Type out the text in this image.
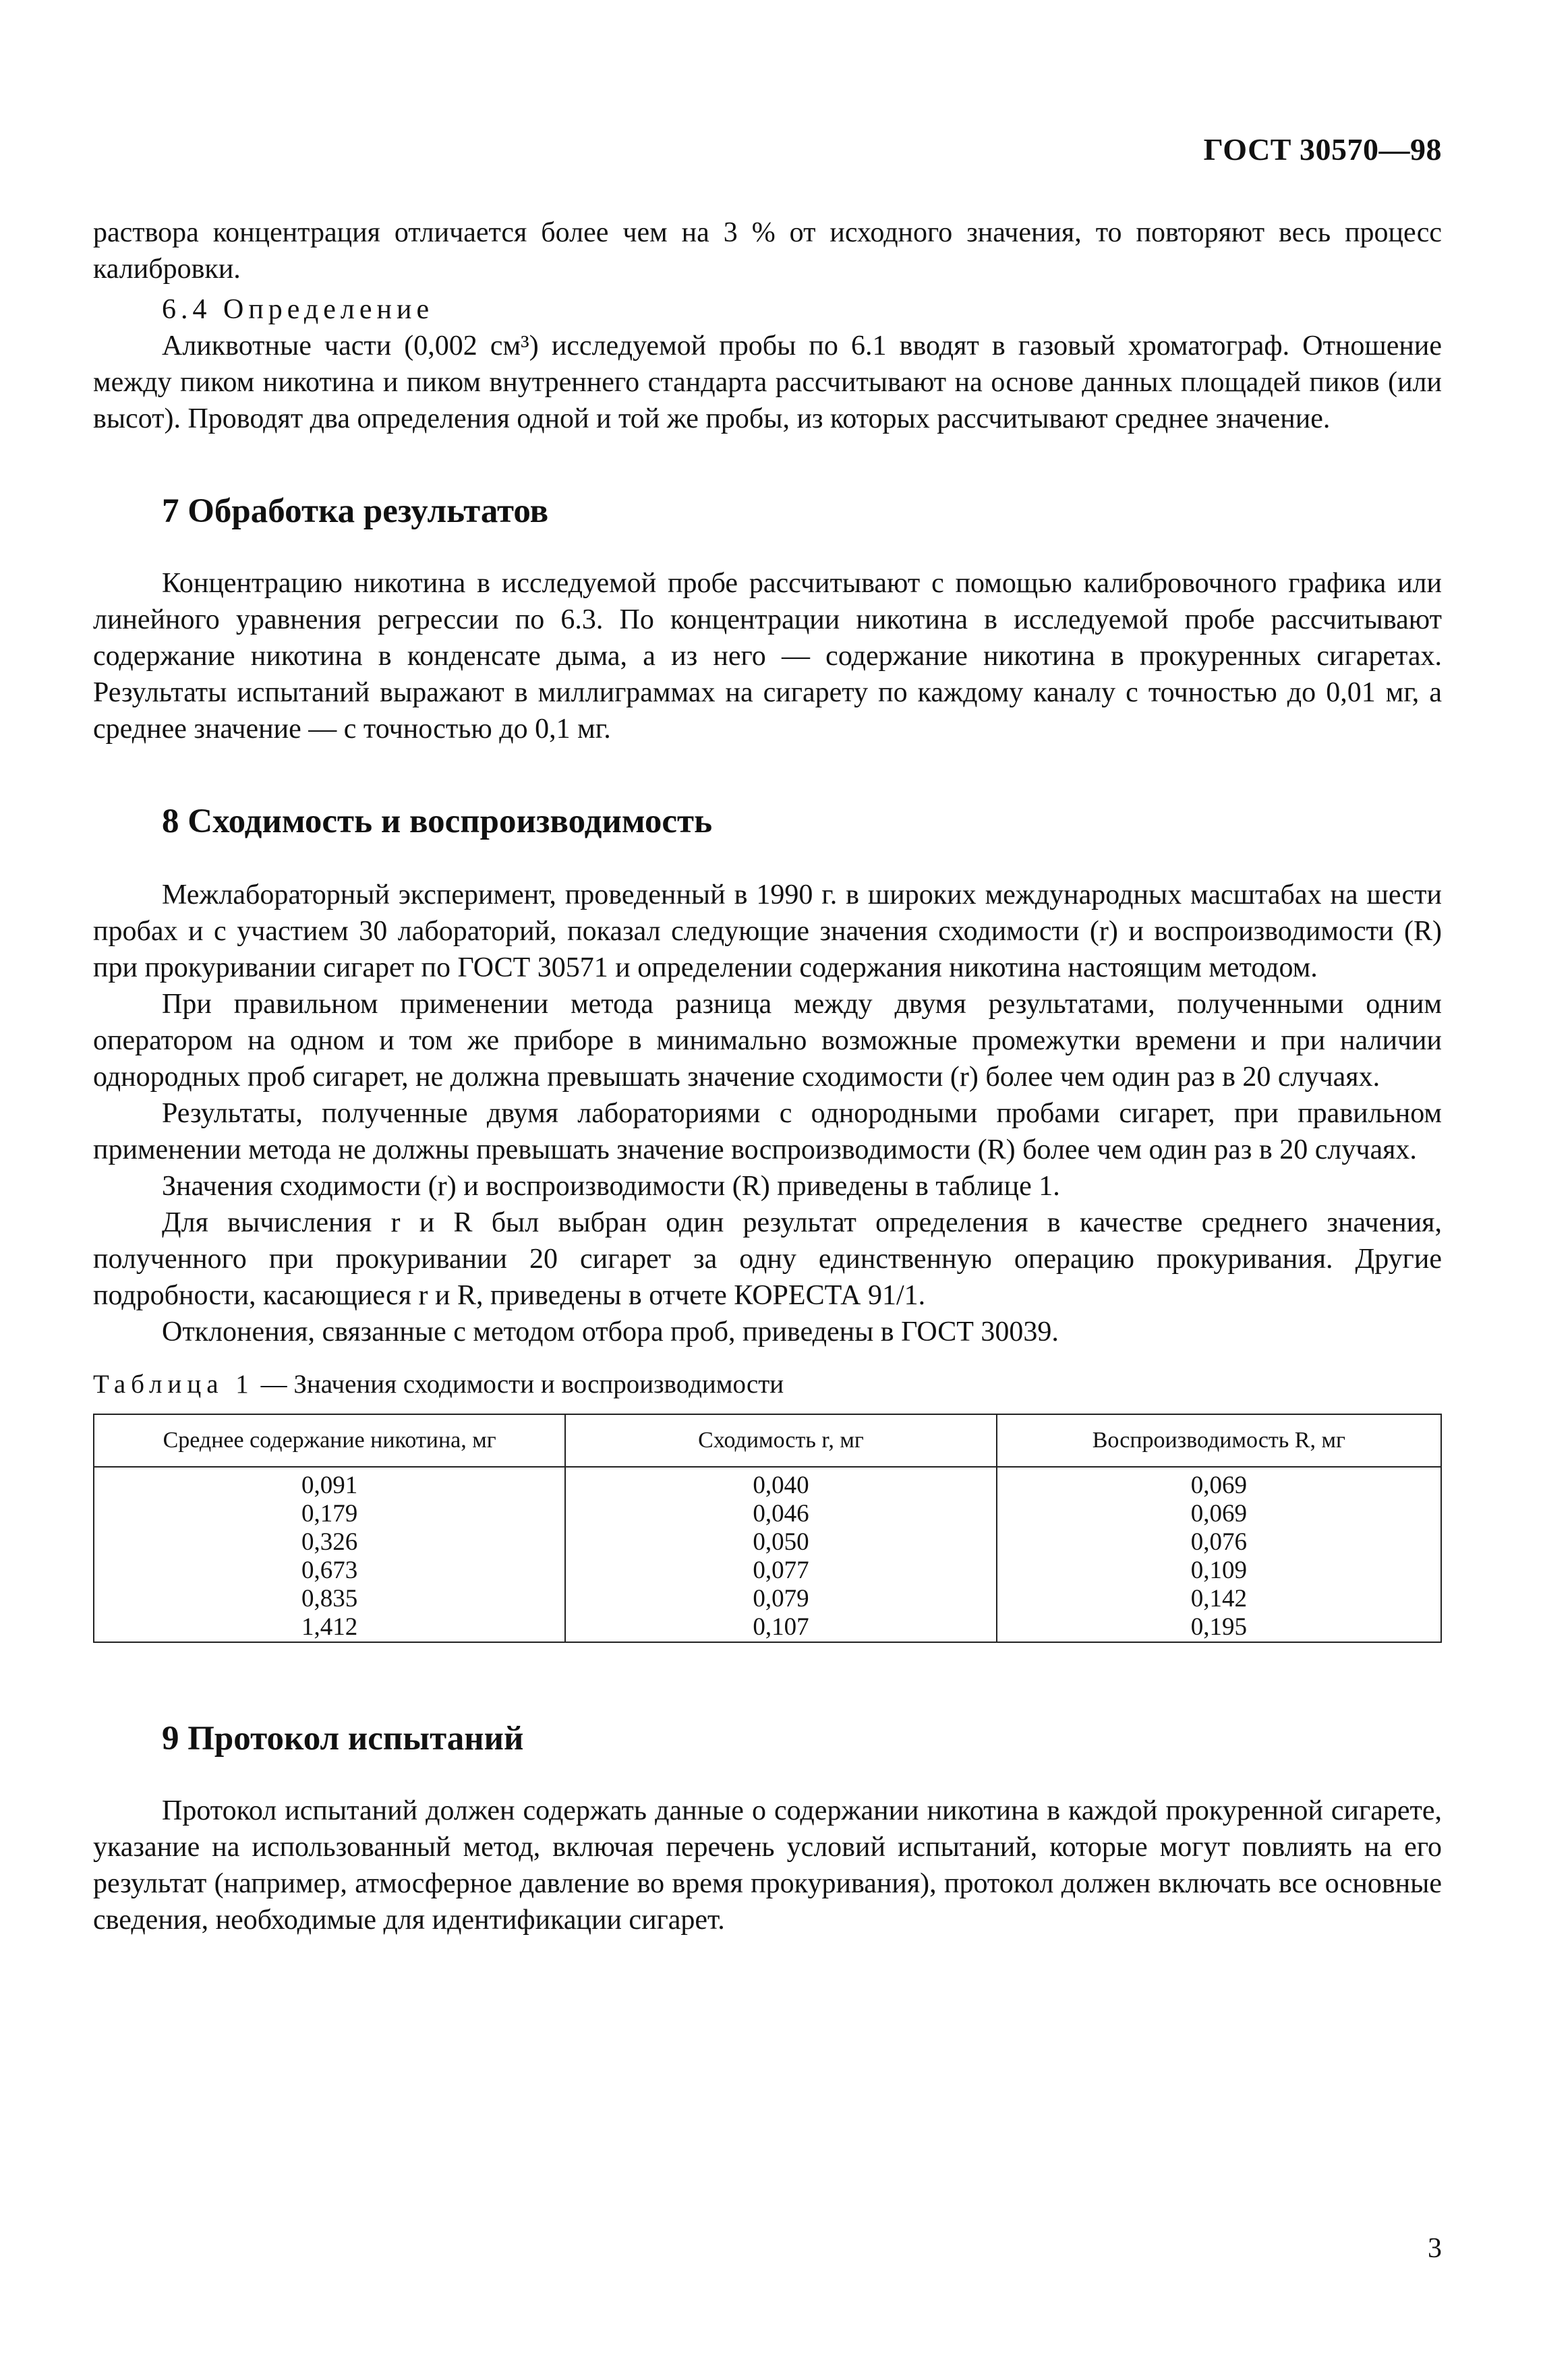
ГОСТ 30570—98

раствора концентрация отличается более чем на 3 % от исходного значения, то повторяют весь процесс калибровки.

6.4 Определение

Аликвотные части (0,002 см³) исследуемой пробы по 6.1 вводят в газовый хроматограф. Отношение между пиком никотина и пиком внутреннего стандарта рассчитывают на основе данных площадей пиков (или высот). Проводят два определения одной и той же пробы, из которых рассчитывают среднее значение.

7 Обработка результатов

Концентрацию никотина в исследуемой пробе рассчитывают с помощью калибровочного графика или линейного уравнения регрессии по 6.3. По концентрации никотина в исследуемой пробе рассчитывают содержание никотина в конденсате дыма, а из него — содержание никотина в прокуренных сигаретах. Результаты испытаний выражают в миллиграммах на сигарету по каждому каналу с точностью до 0,01 мг, а среднее значение — с точностью до 0,1 мг.

8 Сходимость и воспроизводимость

Межлабораторный эксперимент, проведенный в 1990 г. в широких международных масштабах на шести пробах и с участием 30 лабораторий, показал следующие значения сходимости (r) и воспроизводимости (R) при прокуривании сигарет по ГОСТ 30571 и определении содержания никотина настоящим методом.

При правильном применении метода разница между двумя результатами, полученными одним оператором на одном и том же приборе в минимально возможные промежутки времени и при наличии однородных проб сигарет, не должна превышать значение сходимости (r) более чем один раз в 20 случаях.

Результаты, полученные двумя лабораториями с однородными пробами сигарет, при правильном применении метода не должны превышать значение воспроизводимости (R) более чем один раз в 20 случаях.

Значения сходимости (r) и воспроизводимости (R) приведены в таблице 1.

Для вычисления r и R был выбран один результат определения в качестве среднего значения, полученного при прокуривании 20 сигарет за одну единственную операцию прокуривания. Другие подробности, касающиеся r и R, приведены в отчете КОРЕСТА 91/1.

Отклонения, связанные с методом отбора проб, приведены в ГОСТ 30039.

Таблица 1 — Значения сходимости и воспроизводимости

Среднее содержание никотина, мг	Сходимость r, мг	Воспроизводимость R, мг
0,091	0,040	0,069
0,179	0,046	0,069
0,326	0,050	0,076
0,673	0,077	0,109
0,835	0,079	0,142
1,412	0,107	0,195
9 Протокол испытаний

Протокол испытаний должен содержать данные о содержании никотина в каждой прокуренной сигарете, указание на использованный метод, включая перечень условий испытаний, которые могут повлиять на его результат (например, атмосферное давление во время прокуривания), протокол должен включать все основные сведения, необходимые для идентификации сигарет.

3
